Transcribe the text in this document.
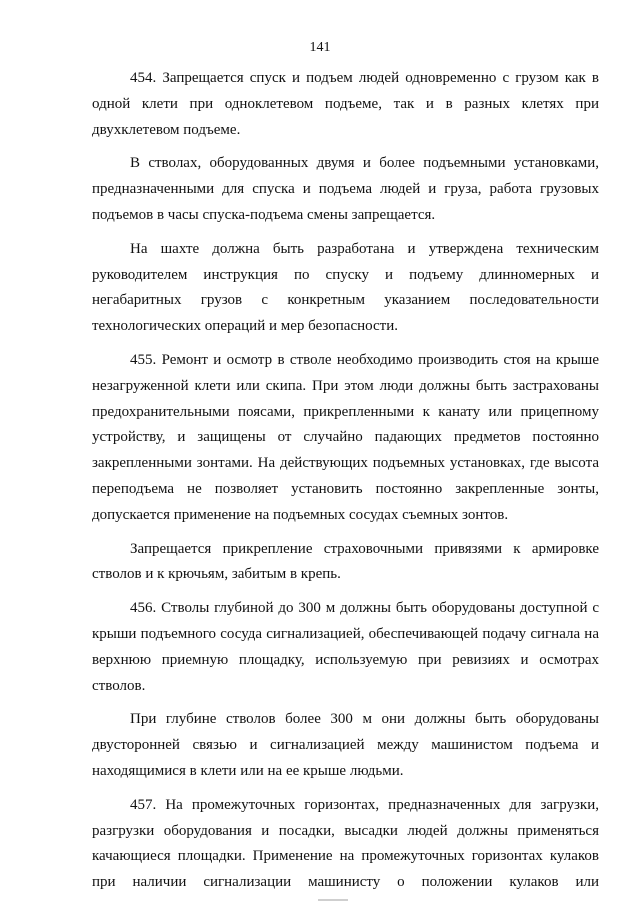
141

454. Запрещается спуск и подъем людей одновременно с грузом как в одной клети при одноклетевом подъеме, так и в разных клетях при двухклетевом подъеме.

В стволах, оборудованных двумя и более подъемными установками, предназначенными для спуска и подъема людей и груза, работа грузовых подъемов в часы спуска-подъема смены запрещается.

На шахте должна быть разработана и утверждена техническим руководителем инструкция по спуску и подъему длинномерных и негабаритных грузов с конкретным указанием последовательности технологических операций и мер безопасности.

455. Ремонт и осмотр в стволе необходимо производить стоя на крыше незагруженной клети или скипа. При этом люди должны быть застрахованы предохранительными поясами, прикрепленными к канату или прицепному устройству, и защищены от случайно падающих предметов постоянно закрепленными зонтами. На действующих подъемных установках, где высота переподъема не позволяет установить постоянно закрепленные зонты, допускается применение на подъемных сосудах съемных зонтов.

Запрещается прикрепление страховочными привязями к армировке стволов и к крючьям, забитым в крепь.

456. Стволы глубиной до 300 м должны быть оборудованы доступной с крыши подъемного сосуда сигнализацией, обеспечивающей подачу сигнала на верхнюю приемную площадку, используемую при ревизиях и осмотрах стволов.

При глубине стволов более 300 м они должны быть оборудованы двусторонней связью и сигнализацией между машинистом подъема и находящимися в клети или на ее крыше людьми.

457. На промежуточных горизонтах, предназначенных для загрузки, разгрузки оборудования и посадки, высадки людей должны применяться качающиеся площадки. Применение на промежуточных горизонтах кулаков при наличии сигнализации машинисту о положении кулаков или
